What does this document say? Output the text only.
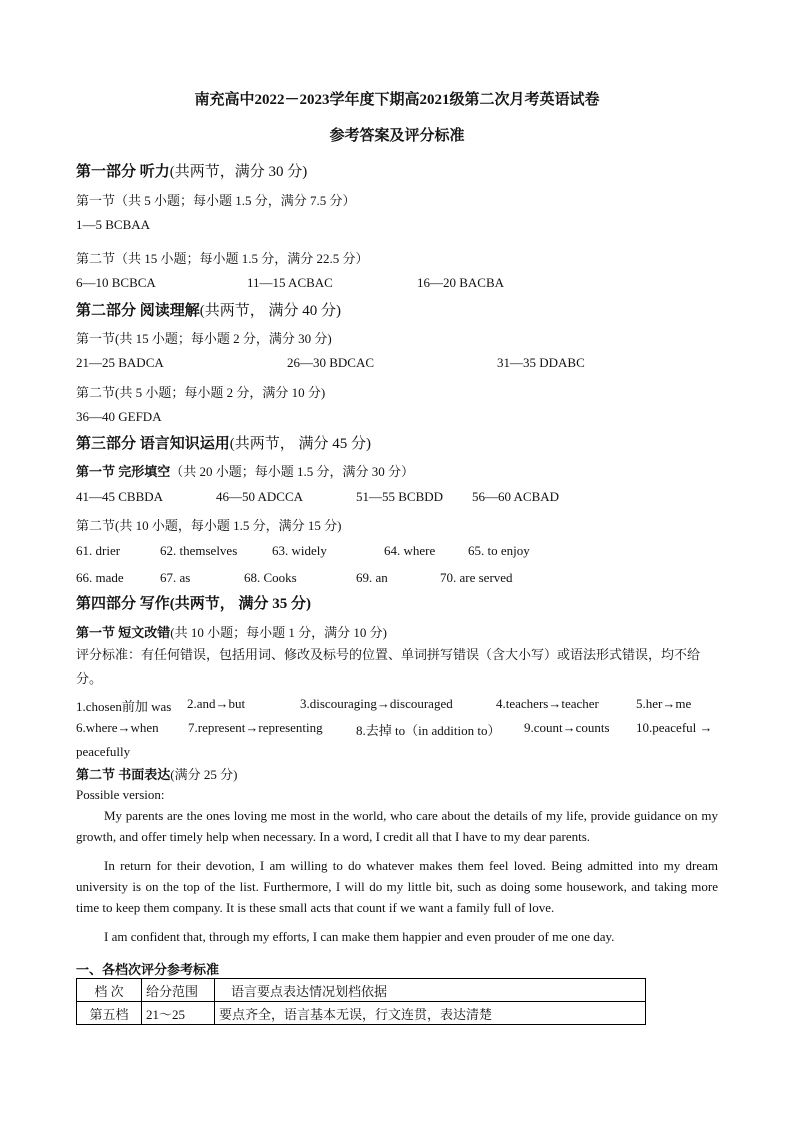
南充高中2022－2023学年度下期高2021级第二次月考英语试卷
参考答案及评分标准
第一部分 听力(共两节，满分 30 分)
第一节（共 5 小题；每小题 1.5 分，满分 7.5 分）
1—5 BCBAA
第二节（共 15 小题；每小题 1.5 分，满分 22.5 分）
6—10 BCBCA	11—15 ACBAC	16—20 BACBA
第二部分 阅读理解(共两节， 满分 40 分)
第一节(共 15 小题；每小题 2 分，满分 30 分)
21—25 BADCA	26—30 BDCAC	31—35 DDABC
第二节(共 5 小题；每小题 2 分，满分 10 分)
36—40 GEFDA
第三部分 语言知识运用(共两节， 满分 45 分)
第一节 完形填空（共 20 小题；每小题 1.5 分，满分 30 分）
41—45 CBBDA	46—50 ADCCA	51—55 BCBDD 56—60 ACBAD
第二节(共 10 小题，每小题 1.5 分，满分 15 分)
61. drier	62. themselves	63. widely	64. where	65. to enjoy
66. made	67. as	68. Cooks	69. an	70. are served
第四部分 写作(共两节， 满分 35 分)
第一节 短文改错(共 10 小题；每小题 1 分，满分 10 分)
评分标准：有任何错误，包括用词、修改及标号的位置、单词拼写错误（含大小写）或语法形式错误，均不给分。
1.chosen前加 was 2.and→but	3.discouraging→discouraged	4.teachers→teacher	5.her→me
6.where→when 7.represent→representing	8.去掉 to（in addition to） 9.count→counts 10.peaceful →
peacefully
第二节 书面表达(满分 25 分)
Possible version:
My parents are the ones loving me most in the world, who care about the details of my life, provide guidance on my growth, and offer timely help when necessary. In a word, I credit all that I have to my dear parents.
In return for their devotion, I am willing to do whatever makes them feel loved. Being admitted into my dream university is on the top of the list. Furthermore, I will do my little bit, such as doing some housework, and taking more time to keep them company. It is these small acts that count if we want a family full of love.
I am confident that, through my efforts, I can make them happier and even prouder of me one day.
一、各档次评分参考标准
档 次	给分范围	语言要点表达情况划档依据
第五档	21～25	要点齐全，语言基本无误，行文连贯，表达清楚
